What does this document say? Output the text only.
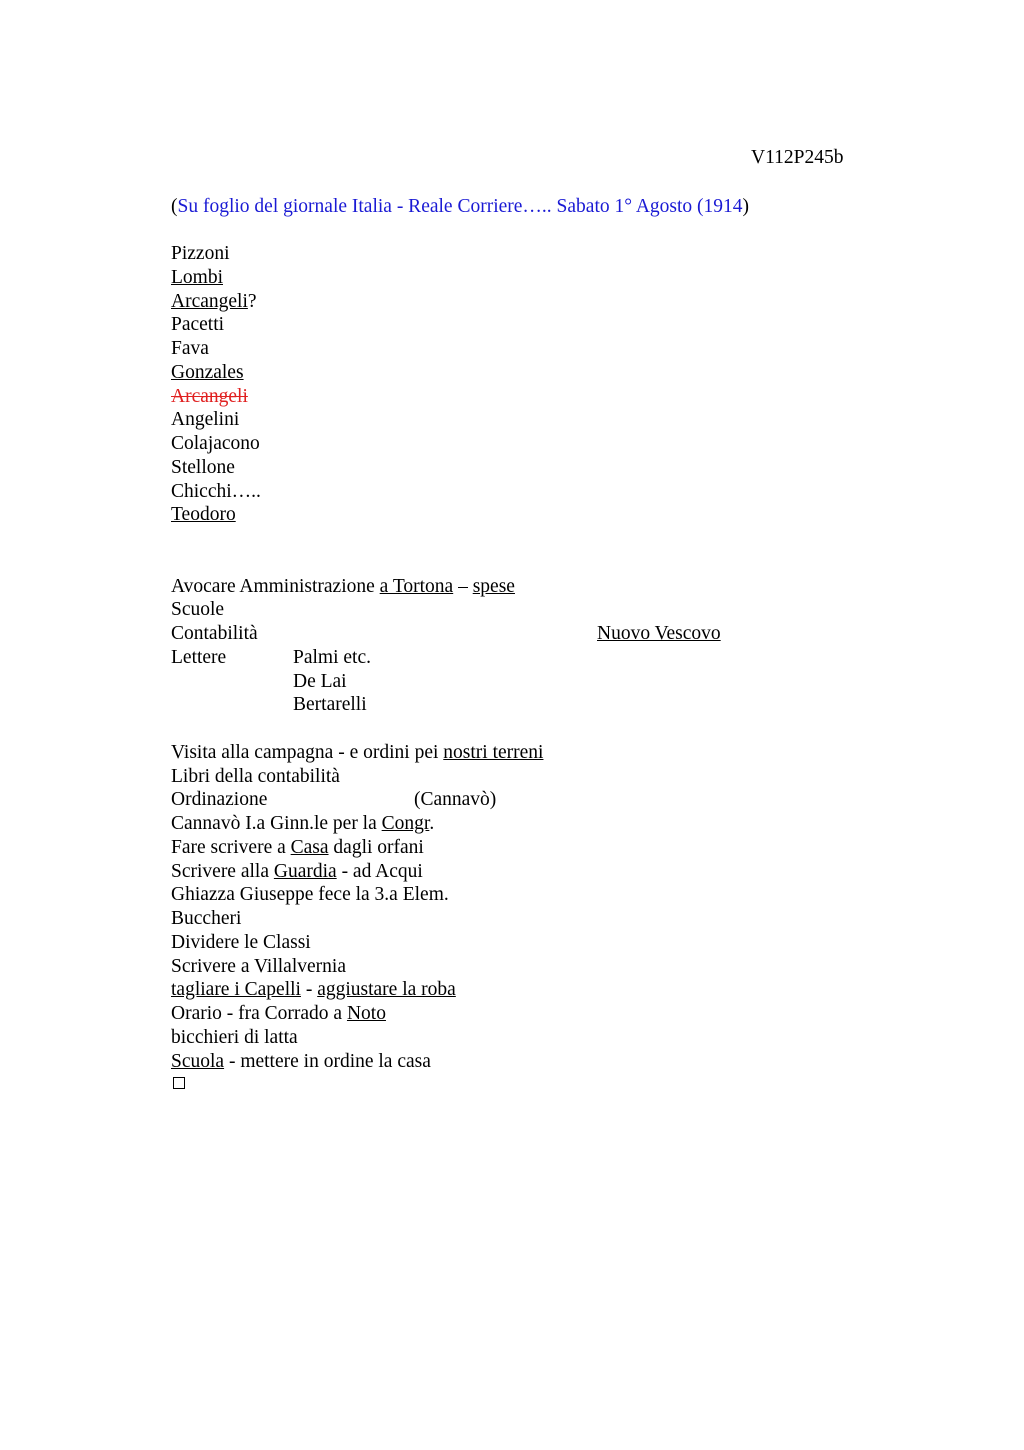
V112P245b
(Su foglio del giornale Italia - Reale Corriere….. Sabato 1° Agosto (1914)
Pizzoni
Lombi
Arcangeli?
Pacetti
Fava
Gonzales
Arcangeli
Angelini
Colajacono
Stellone
Chicchi…..
Teodoro
Avocare Amministrazione a Tortona – spese
Scuole
Contabilità	Nuovo Vescovo
Lettere	Palmi etc.
De Lai
Bertarelli
Visita alla campagna - e ordini pei nostri terreni
Libri della contabilità
Ordinazione	(Cannavò)
Cannavò I.a Ginn.le per la Congr.
Fare scrivere a Casa dagli orfani
Scrivere alla Guardia - ad Acqui
Ghiazza Giuseppe fece la 3.a Elem.
Buccheri
Dividere le Classi
Scrivere a Villalvernia
tagliare i Capelli - aggiustare la roba
Orario - fra Corrado a Noto
bicchieri di latta
Scuola - mettere in ordine la casa
